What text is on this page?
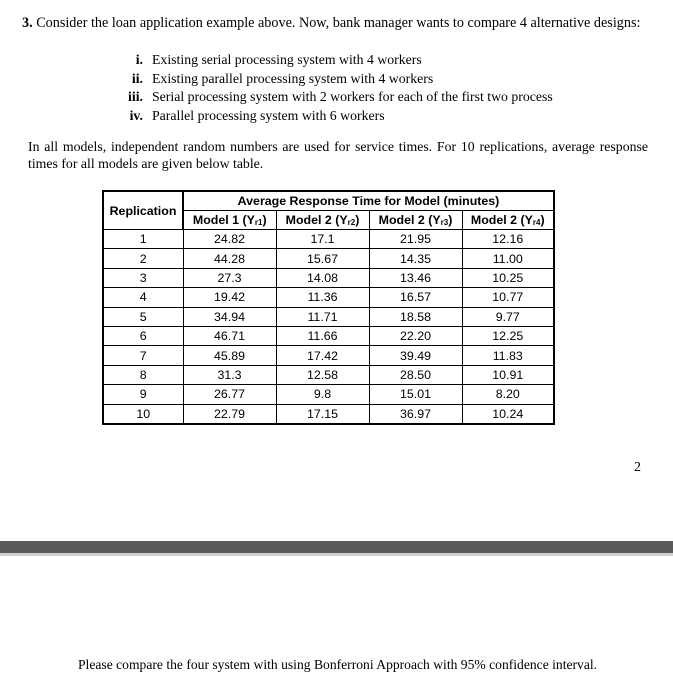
3. Consider the loan application example above. Now, bank manager wants to compare 4 alternative designs:
i. Existing serial processing system with 4 workers
ii. Existing parallel processing system with 4 workers
iii. Serial processing system with 2 workers for each of the first two process
iv. Parallel processing system with 6 workers
In all models, independent random numbers are used for service times. For 10 replications, average response times for all models are given below table.
Replication	Average Response Time for Model (minutes)			
	Model 1 $(Y_{r1})$	Model 2 $(Y_{r2})$	Model 2 $(Y_{r3})$	Model 2 $(Y_{r4})$
1	24.82	17.1	21.95	12.16
2	44.28	15.67	14.35	11.00
3	27.3	14.08	13.46	10.25
4	19.42	11.36	16.57	10.77
5	34.94	11.71	18.58	9.77
6	46.71	11.66	22.20	12.25
7	45.89	17.42	39.49	11.83
8	31.3	12.58	28.50	10.91
9	26.77	9.8	15.01	8.20
10	22.79	17.15	36.97	10.24
2
Please compare the four system with using Bonferroni Approach with 95% confidence interval.
